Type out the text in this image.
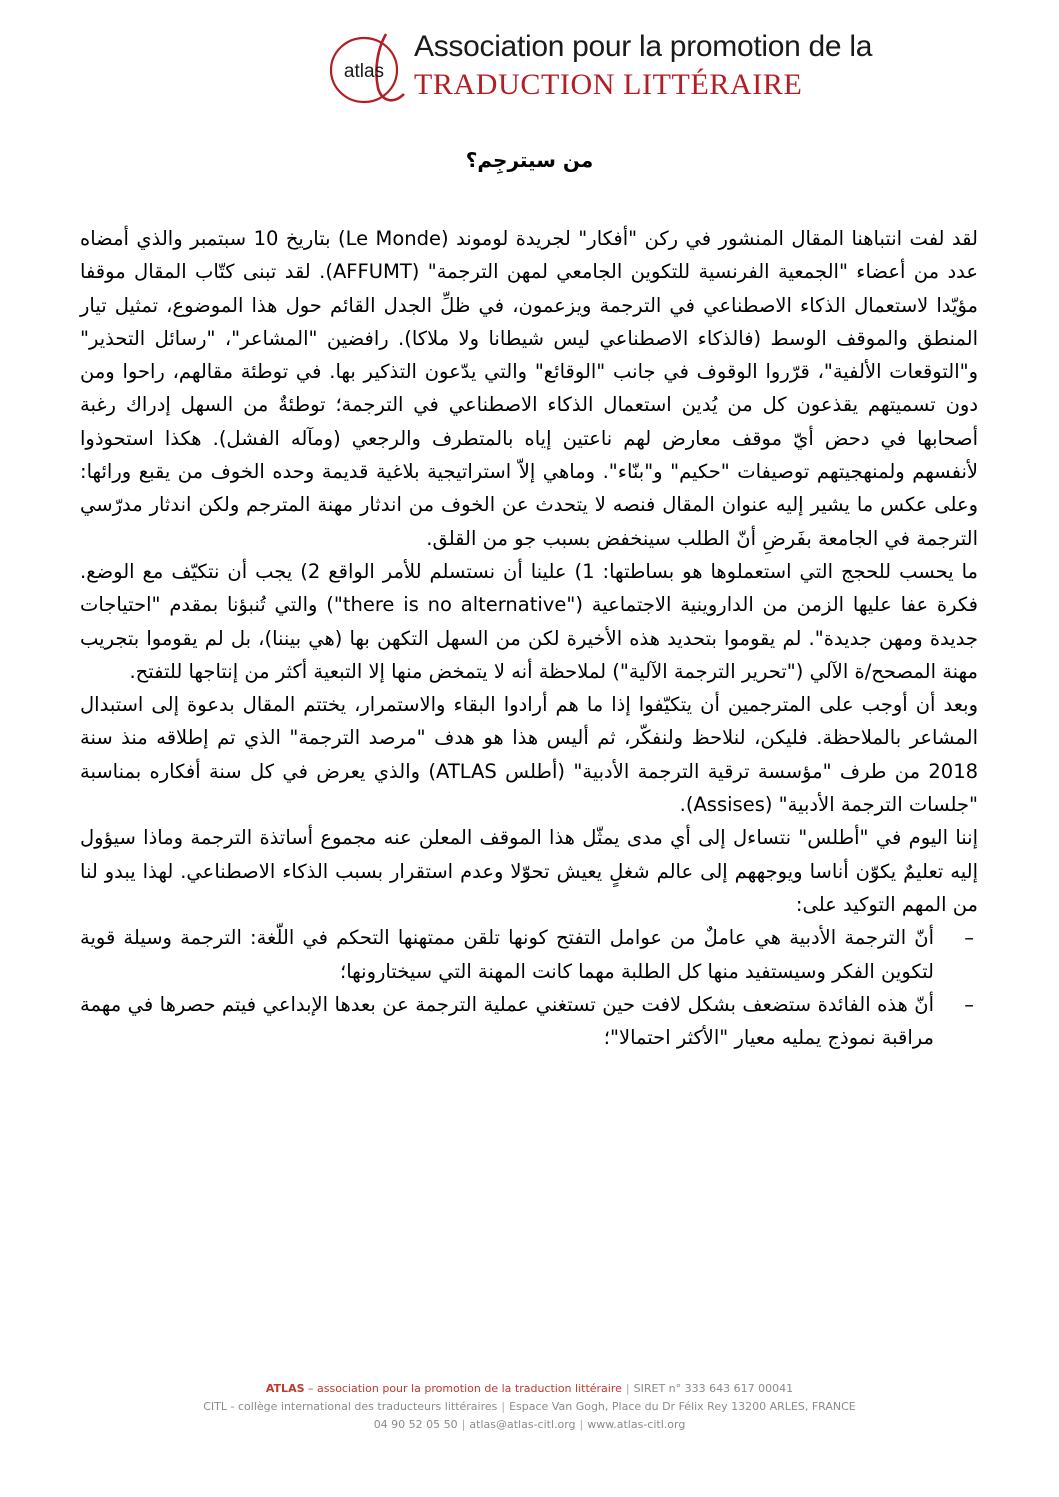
atlas
Association pour la promotion de la
TRADUCTION LITTÉRAIRE
من سيترجِم؟

لقد لفت انتباهنا المقال المنشور في ركن "أفكار" لجريدة لوموند (Le Monde) بتاريخ 10 سبتمبر والذي أمضاه عدد من أعضاء "الجمعية الفرنسية للتكوين الجامعي لمهن الترجمة" (AFFUMT). لقد تبنى كتّاب المقال موقفا مؤيّدا لاستعمال الذكاء الاصطناعي في الترجمة ويزعمون، في ظلِّ الجدل القائم حول هذا الموضوع، تمثيل تيار المنطق والموقف الوسط (فالذكاء الاصطناعي ليس شيطانا ولا ملاكا). رافضين "المشاعر"، "رسائل التحذير" و"التوقعات الألفية"، قرّروا الوقوف في جانب "الوقائع" والتي يدّعون التذكير بها. في توطئة مقالهم، راحوا ومن دون تسميتهم يقذعون كل من يُدين استعمال الذكاء الاصطناعي في الترجمة؛ توطئةٌ من السهل إدراك رغبة أصحابها في دحض أيّ موقف معارض لهم ناعتين إياه بالمتطرف والرجعي (ومآله الفشل). هكذا استحوذوا لأنفسهم ولمنهجيتهم توصيفات "حكيم" و"بنّاء". وماهي إلاّ استراتيجية بلاغية قديمة وحده الخوف من يقبع ورائها: وعلى عكس ما يشير إليه عنوان المقال فنصه لا يتحدث عن الخوف من اندثار مهنة المترجم ولكن اندثار مدرّسي الترجمة في الجامعة بفَرضِ أنّ الطلب سينخفض بسبب جو من القلق.

ما يحسب للحجج التي استعملوها هو بساطتها: 1) علينا أن نستسلم للأمر الواقع 2) يجب أن نتكيّف مع الوضع. فكرة عفا عليها الزمن من الداروينية الاجتماعية ("there is no alternative") والتي تُنبؤنا بمقدم "احتياجات جديدة ومهن جديدة". لم يقوموا بتحديد هذه الأخيرة لكن من السهل التكهن بها (هي بيننا)، بل لم يقوموا بتجريب مهنة المصحح/ة الآلي ("تحرير الترجمة الآلية") لملاحظة أنه لا يتمخض منها إلا التبعية أكثر من إنتاجها للتفتح.

وبعد أن أوجب على المترجمين أن يتكيّفوا إذا ما هم أرادوا البقاء والاستمرار، يختتم المقال بدعوة إلى استبدال المشاعر بالملاحظة. فليكن، لنلاحظ ولنفكّر، ثم أليس هذا هو هدف "مرصد الترجمة" الذي تم إطلاقه منذ سنة 2018 من طرف "مؤسسة ترقية الترجمة الأدبية" (أطلس ATLAS) والذي يعرض في كل سنة أفكاره بمناسبة "جلسات الترجمة الأدبية" (Assises).

إننا اليوم في "أطلس" نتساءل إلى أي مدى يمثّل هذا الموقف المعلن عنه مجموع أساتذة الترجمة وماذا سيؤول إليه تعليمٌ يكوّن أناسا ويوجههم إلى عالم شغلٍ يعيش تحوّلا وعدم استقرار بسبب الذكاء الاصطناعي. لهذا يبدو لنا من المهم التوكيد على:

– أنّ الترجمة الأدبية هي عاملٌ من عوامل التفتح كونها تلقن ممتهنها التحكم في اللّغة: الترجمة وسيلة قوية لتكوين الفكر وسيستفيد منها كل الطلبة مهما كانت المهنة التي سيختارونها؛
– أنّ هذه الفائدة ستضعف بشكل لافت حين تستغني عملية الترجمة عن بعدها الإبداعي فيتم حصرها في مهمة مراقبة نموذج يمليه معيار "الأكثر احتمالا"؛
ATLAS – association pour la promotion de la traduction littéraire | SIRET n° 333 643 617 00041
CITL - collège international des traducteurs littéraires | Espace Van Gogh, Place du Dr Félix Rey 13200 ARLES, FRANCE
04 90 52 05 50 | atlas@atlas-citl.org | www.atlas-citl.org
